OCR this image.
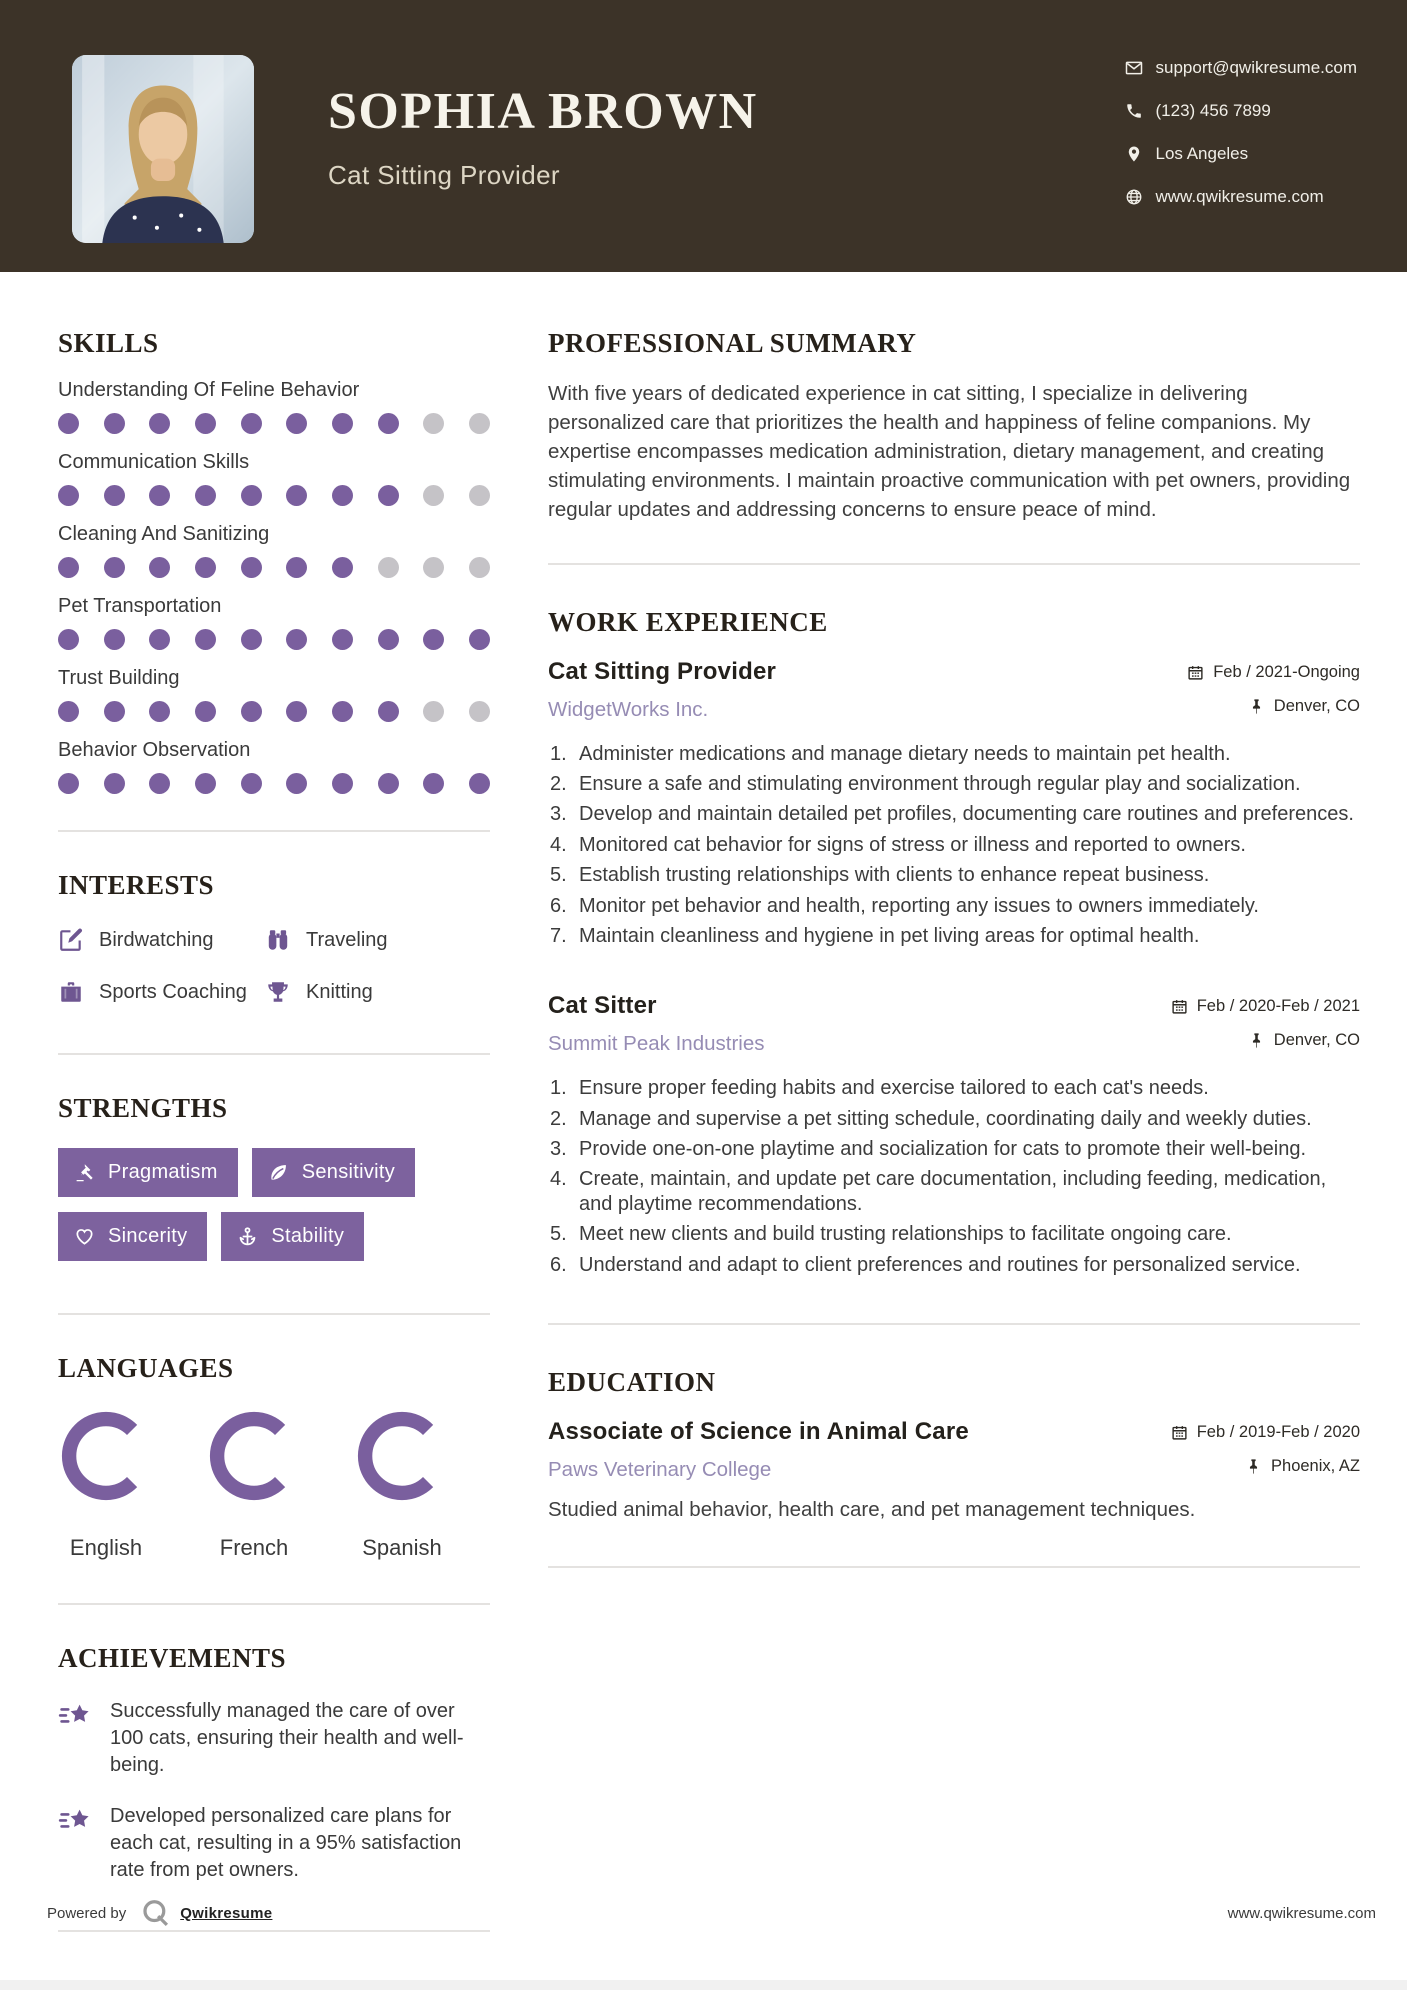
SOPHIA BROWN
Cat Sitting Provider
support@qwikresume.com
(123) 456 7899
Los Angeles
www.qwikresume.com
SKILLS
Understanding Of Feline Behavior
Communication Skills
Cleaning And Sanitizing
Pet Transportation
Trust Building
Behavior Observation
INTERESTS
Birdwatching	Traveling
Sports Coaching	Knitting
STRENGTHS
Pragmatism	Sensitivity
Sincerity	Stability
LANGUAGES
English	French	Spanish
ACHIEVEMENTS

Successfully managed the care of over 100 cats, ensuring their health and well-being.

Developed personalized care plans for each cat, resulting in a 95% satisfaction rate from pet owners.

PROFESSIONAL SUMMARY

With five years of dedicated experience in cat sitting, I specialize in delivering personalized care that prioritizes the health and happiness of feline companions. My expertise encompasses medication administration, dietary management, and creating stimulating environments. I maintain proactive communication with pet owners, providing regular updates and addressing concerns to ensure peace of mind.

WORK EXPERIENCE
Cat Sitting Provider
WidgetWorks Inc.
Feb / 2021-Ongoing
Denver, CO
Administer medications and manage dietary needs to maintain pet health.
Ensure a safe and stimulating environment through regular play and socialization.
Develop and maintain detailed pet profiles, documenting care routines and preferences.
Monitored cat behavior for signs of stress or illness and reported to owners.
Establish trusting relationships with clients to enhance repeat business.
Monitor pet behavior and health, reporting any issues to owners immediately.
Maintain cleanliness and hygiene in pet living areas for optimal health.
Cat Sitter
Summit Peak Industries
Feb / 2020-Feb / 2021
Denver, CO
Ensure proper feeding habits and exercise tailored to each cat's needs.
Manage and supervise a pet sitting schedule, coordinating daily and weekly duties.
Provide one-on-one playtime and socialization for cats to promote their well-being.
Create, maintain, and update pet care documentation, including feeding, medication, and playtime recommendations.
Meet new clients and build trusting relationships to facilitate ongoing care.
Understand and adapt to client preferences and routines for personalized service.
EDUCATION
Associate of Science in Animal Care
Paws Veterinary College
Feb / 2019-Feb / 2020
Phoenix, AZ

Studied animal behavior, health care, and pet management techniques.

Powered by	Qwikresume	www.qwikresume.com
